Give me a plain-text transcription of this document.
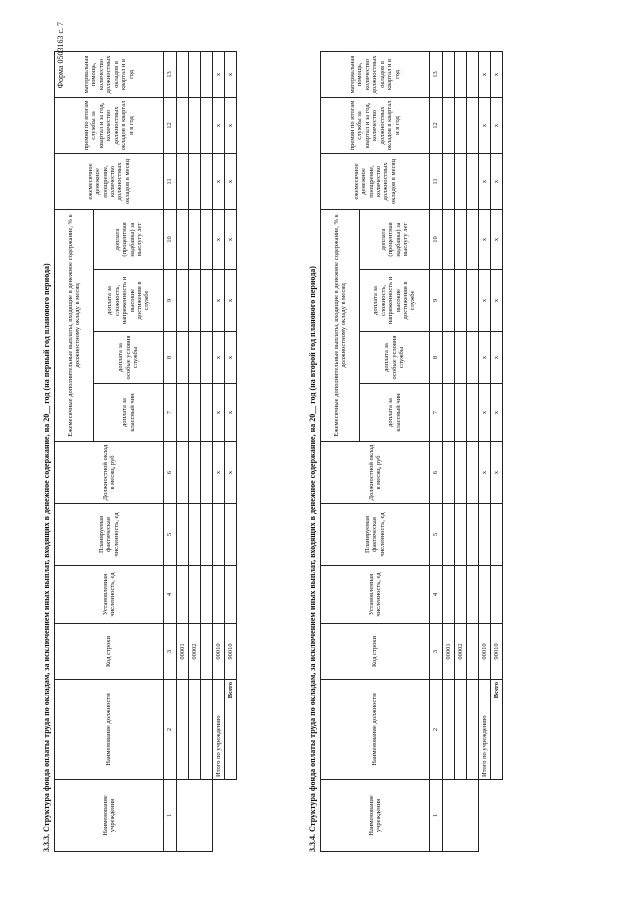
Форма 0503163 с. 7
3.3.3. Структура фонда оплаты труда по окладам, за исключением иных выплат, входящих в денежное содержание, на 20__ год (на первый год планового периода)	Наименование учреждения	Наименование должности	Код строки	Установленная численность, ед	Планируемая фактическая численность, ед	Должностной оклад в месяц, руб	Ежемесячные дополнительные выплаты, входящие в денежное содержание, % к должностному окладу в месяц				ежемесячное денежное поощрение, количество должностных окладов в месяц	премии по итогам службы за квартал и за год, количество должностных окладов в квартал и в год	материальная помощь, количество должностных окладов в квартал и в год
						доплата за классный чин	доплата за особые условия службы	доплата за сложность, напряженность и высокие достижения в службе	доплата (процентная надбавка) за выслугу лет			
1	2	3	4	5	6	7	8	9	10	11	12	13
		00001										
		00002										

	Итого по учреждению	00010			x	x	x	x	x	x	x	x
	Всего	90010			x	x	x	x	x	x	x	x
3.3.4. Структура фонда оплаты труда по окладам, за исключением иных выплат, входящих в денежное содержание, на 20__ год (на второй год планового периода)	Наименование учреждения	Наименование должности	Код строки	Установленная численность, ед	Планируемая фактическая численность, ед	Должностной оклад в месяц, руб	Ежемесячные дополнительные выплаты, входящие в денежное содержание, % к должностному окладу в месяц				ежемесячное денежное поощрение, количество должностных окладов в месяц	премии по итогам службы за квартал и за год, количество должностных окладов в квартал и в год	материальная помощь, количество должностных окладов в квартал и в год
						доплата за классный чин	доплата за особые условия службы	доплата за сложность, напряженность и высокие достижения в службе	доплата (процентная надбавка) за выслугу лет			
1	2	3	4	5	6	7	8	9	10	11	12	13
		00001										
		00002										

	Итого по учреждению	00010			x	x	x	x	x	x	x	x
	Всего	90010			x	x	x	x	x	x	x	x
